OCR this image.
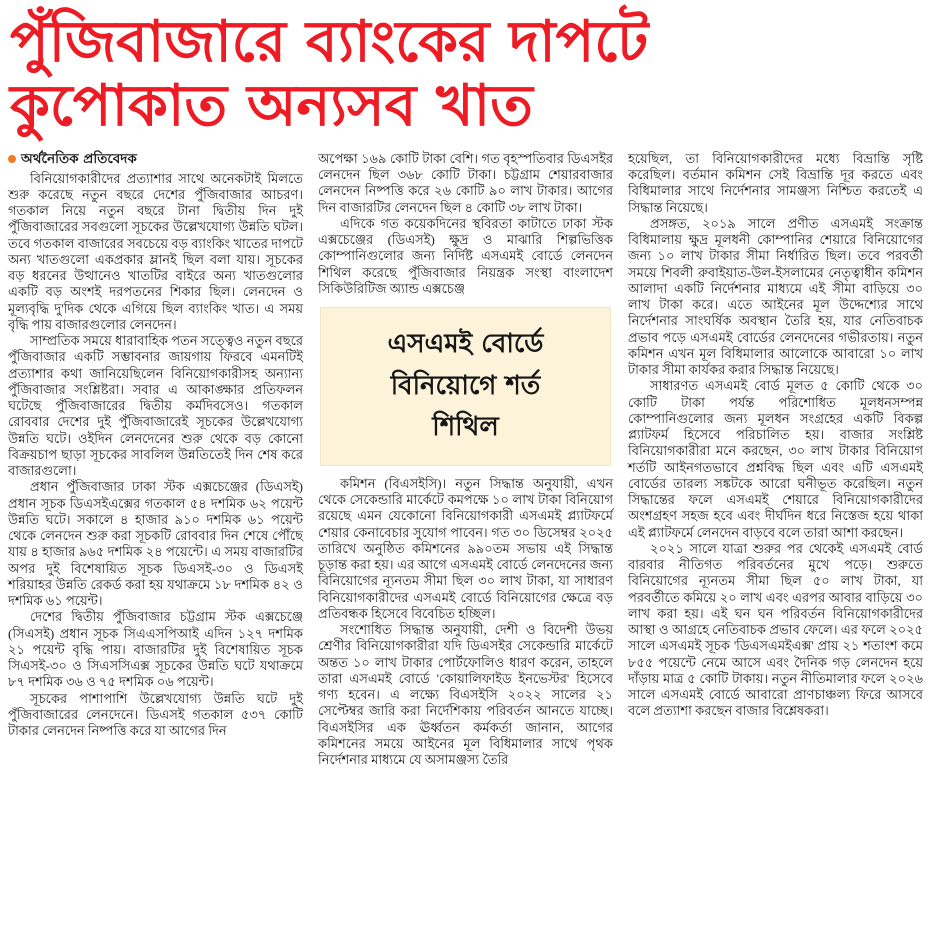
পুঁজিবাজারে ব্যাংকের দাপটে
কুপোকাত অন্যসব খাত
অর্থনৈতিক প্রতিবেদক

বিনিয়োগকারীদের প্রত্যাশার সাথে অনেকটাই মিলতে শুরু করেছে নতুন বছরে দেশের পুঁজিবাজার আচরণ। গতকাল নিয়ে নতুন বছরে টানা দ্বিতীয় দিন দুই পুঁজিবাজারের সবগুলো সূচকের উল্লেখযোগ্য উন্নতি ঘটল। তবে গতকাল বাজারের সবচেয়ে বড় ব্যাংকিং খাতের দাপটে অন্য খাতগুলো একপ্রকার ম্লানই ছিল বলা যায়। সূচকের বড় ধরনের উত্থানেও খাতটির বাইরে অন্য খাতগুলোর একটি বড় অংশই দরপতনের শিকার ছিল। লেনদেন ও মূল্যবৃদ্ধি দু'দিক থেকে এগিয়ে ছিল ব্যাংকিং খাত। এ সময় বৃদ্ধি পায় বাজারগুলোর লেনদেন।

সাম্প্রতিক সময়ে ধারাবাহিক পতন সত্ত্বেও নতুন বছরে পুঁজিবাজার একটি সম্ভাবনার জায়গায় ফিরবে এমনটিই প্রত্যাশার কথা জানিয়েছিলেন বিনিয়োগকারীসহ অন্যান্য পুঁজিবাজার সংশ্লিষ্টরা। সবার এ আকাঙ্ক্ষার প্রতিফলন ঘটেছে পুঁজিবাজারের দ্বিতীয় কর্মদিবসেও। গতকাল রোববার দেশের দুই পুঁজিবাজারেই সূচকের উল্লেখযোগ্য উন্নতি ঘটে। ওইদিন লেনদেনের শুরু থেকে বড় কোনো বিক্রয়চাপ ছাড়া সূচকের সাবলিল উন্নতিতেই দিন শেষ করে বাজারগুলো।

প্রধান পুঁজিবাজার ঢাকা স্টক এক্সচেঞ্জের (ডিএসই) প্রধান সূচক ডিএসইএক্সের গতকাল ৫৪ দশমিক ৬২ পয়েন্ট উন্নতি ঘটে। সকালে ৪ হাজার ৯১০ দশমিক ৬১ পয়েন্ট থেকে লেনদেন শুরু করা সূচকটি রোববার দিন শেষে পৌঁছে যায় ৪ হাজার ৯৬৫ দশমিক ২৪ পয়েন্টে। এ সময় বাজারটির অপর দুই বিশেষায়িত সূচক ডিএসই-৩০ ও ডিএসই শরিয়াহর উন্নতি রেকর্ড করা হয় যথাক্রমে ১৮ দশমিক ৪২ ও দশমিক ৬১ পয়েন্ট।

দেশের দ্বিতীয় পুঁজিবাজার চট্টগ্রাম স্টক এক্সচেঞ্জে (সিএসই) প্রধান সূচক সিএএসপিআই এদিন ১২৭ দশমিক ২১ পয়েন্ট বৃদ্ধি পায়। বাজারটির দুই বিশেষায়িত সূচক সিএসই-৩০ ও সিএসসিএক্স সূচকের উন্নতি ঘটে যথাক্রমে ৮৭ দশমিক ৩৬ ও ৭৫ দশমিক ০৬ পয়েন্ট।

সূচকের পাশাপাশি উল্লেখযোগ্য উন্নতি ঘটে দুই পুঁজিবাজারের লেনদেনে। ডিএসই গতকাল ৫৩৭ কোটি টাকার লেনদেন নিষ্পত্তি করে যা আগের দিন

অপেক্ষা ১৬৯ কোটি টাকা বেশি। গত বৃহস্পতিবার ডিএসইর লেনদেন ছিল ৩৬৮ কোটি টাকা। চট্টগ্রাম শেয়ারবাজার লেনদেন নিষ্পত্তি করে ২৬ কোটি ৯০ লাখ টাকার। আগের দিন বাজারটির লেনদেন ছিল ৪ কোটি ৩৮ লাখ টাকা।

এদিকে গত কয়েকদিনের স্থবিরতা কাটাতে ঢাকা স্টক এক্সচেঞ্জের (ডিএসই) ক্ষুদ্র ও মাঝারি শিল্পভিত্তিক কোম্পানিগুলোর জন্য নির্দিষ্ট এসএমই বোর্ডে লেনদেন শিথিল করেছে পুঁজিবাজার নিয়ন্ত্রক সংস্থা বাংলাদেশ সিকিউরিটিজ অ্যান্ড এক্সচেঞ্জ

এসএমই বোর্ডে
বিনিয়োগে শর্ত
শিথিল

কমিশন (বিএসইসি)। নতুন সিদ্ধান্ত অনুযায়ী, এখন থেকে সেকেন্ডারি মার্কেটে কমপক্ষে ১০ লাখ টাকা বিনিয়োগ রয়েছে এমন যেকোনো বিনিয়োগকারী এসএমই প্ল্যাটফর্মে শেয়ার কেনাবেচার সুযোগ পাবেন। গত ৩০ ডিসেম্বর ২০২৫ তারিখে অনুষ্ঠিত কমিশনের ৯৯০তম সভায় এই সিদ্ধান্ত চূড়ান্ত করা হয়। এর আগে এসএমই বোর্ডে লেনদেনের জন্য বিনিয়োগের ন্যূনতম সীমা ছিল ৩০ লাখ টাকা, যা সাধারণ বিনিয়োগকারীদের এসএমই বোর্ডে বিনিয়োগের ক্ষেত্রে বড় প্রতিবন্ধক হিসেবে বিবেচিত হচ্ছিল।

সংশোধিত সিদ্ধান্ত অনুযায়ী, দেশী ও বিদেশী উভয় শ্রেণীর বিনিয়োগকারীরা যদি ডিএসইর সেকেন্ডারি মার্কেটে অন্তত ১০ লাখ টাকার পোর্টফোলিও ধারণ করেন, তাহলে তারা এসএমই বোর্ডে 'কোয়ালিফাইড ইনভেস্টর' হিসেবে গণ্য হবেন। এ লক্ষ্যে বিএসইসি ২০২২ সালের ২১ সেপ্টেম্বর জারি করা নির্দেশিকায় পরিবর্তন আনতে যাচ্ছে। বিএসইসির এক ঊর্ধ্বতন কর্মকর্তা জানান, আগের কমিশনের সময়ে আইনের মূল বিধিমালার সাথে পৃথক নির্দেশনার মাধ্যমে যে অসামঞ্জস্য তৈরি

হয়েছিল, তা বিনিয়োগকারীদের মধ্যে বিভ্রান্তি সৃষ্টি করেছিল। বর্তমান কমিশন সেই বিভ্রান্তি দূর করতে এবং বিধিমালার সাথে নির্দেশনার সামঞ্জস্য নিশ্চিত করতেই এ সিদ্ধান্ত নিয়েছে।

প্রসঙ্গত, ২০১৯ সালে প্রণীত এসএমই সংক্রান্ত বিধিমালায় ক্ষুদ্র মূলধনী কোম্পানির শেয়ারে বিনিয়োগের জন্য ১০ লাখ টাকার সীমা নির্ধারিত ছিল। তবে পরবর্তী সময়ে শিবলী রুবাইয়াত-উল-ইসলামের নেতৃত্বাধীন কমিশন আলাদা একটি নির্দেশনার মাধ্যমে এই সীমা বাড়িয়ে ৩০ লাখ টাকা করে। এতে আইনের মূল উদ্দেশ্যের সাথে নির্দেশনার সাংঘর্ষিক অবস্থান তৈরি হয়, যার নেতিবাচক প্রভাব পড়ে এসএমই বোর্ডের লেনদেনের গভীরতায়। নতুন কমিশন এখন মূল বিধিমালার আলোকে আবারো ১০ লাখ টাকার সীমা কার্যকর করার সিদ্ধান্ত নিয়েছে।

সাধারণত এসএমই বোর্ড মূলত ৫ কোটি থেকে ৩০ কোটি টাকা পর্যন্ত পরিশোধিত মূলধনসম্পন্ন কোম্পানিগুলোর জন্য মূলধন সংগ্রহের একটি বিকল্প প্ল্যাটফর্ম হিসেবে পরিচালিত হয়। বাজার সংশ্লিষ্ট বিনিয়োগকারীরা মনে করছেন, ৩০ লাখ টাকার বিনিয়োগ শর্তটি আইনগতভাবে প্রশ্নবিদ্ধ ছিল এবং এটি এসএমই বোর্ডের তারল্য সঙ্কটকে আরো ঘনীভূত করেছিল। নতুন সিদ্ধান্তের ফলে এসএমই শেয়ারে বিনিয়োগকারীদের অংশগ্রহণ সহজ হবে এবং দীর্ঘদিন ধরে নিস্তেজ হয়ে থাকা এই প্ল্যাটফর্মে লেনদেন বাড়বে বলে তারা আশা করছেন।

২০২১ সালে যাত্রা শুরুর পর থেকেই এসএমই বোর্ড বারবার নীতিগত পরিবর্তনের মুখে পড়ে। শুরুতে বিনিয়োগের ন্যূনতম সীমা ছিল ৫০ লাখ টাকা, যা পরবর্তীতে কমিয়ে ২০ লাখ এবং এরপর আবার বাড়িয়ে ৩০ লাখ করা হয়। এই ঘন ঘন পরিবর্তন বিনিয়োগকারীদের আস্থা ও আগ্রহে নেতিবাচক প্রভাব ফেলে। এর ফলে ২০২৫ সালে এসএমই সূচক 'ডিএসএমইএক্স' প্রায় ২১ শতাংশ কমে ৮৫৫ পয়েন্টে নেমে আসে এবং দৈনিক গড় লেনদেন হয়ে দাঁড়ায় মাত্র ৫ কোটি টাকায়। নতুন নীতিমালার ফলে ২০২৬ সালে এসএমই বোর্ডে আবারো প্রাণচাঞ্চল্য ফিরে আসবে বলে প্রত্যাশা করছেন বাজার বিশ্লেষকরা।
